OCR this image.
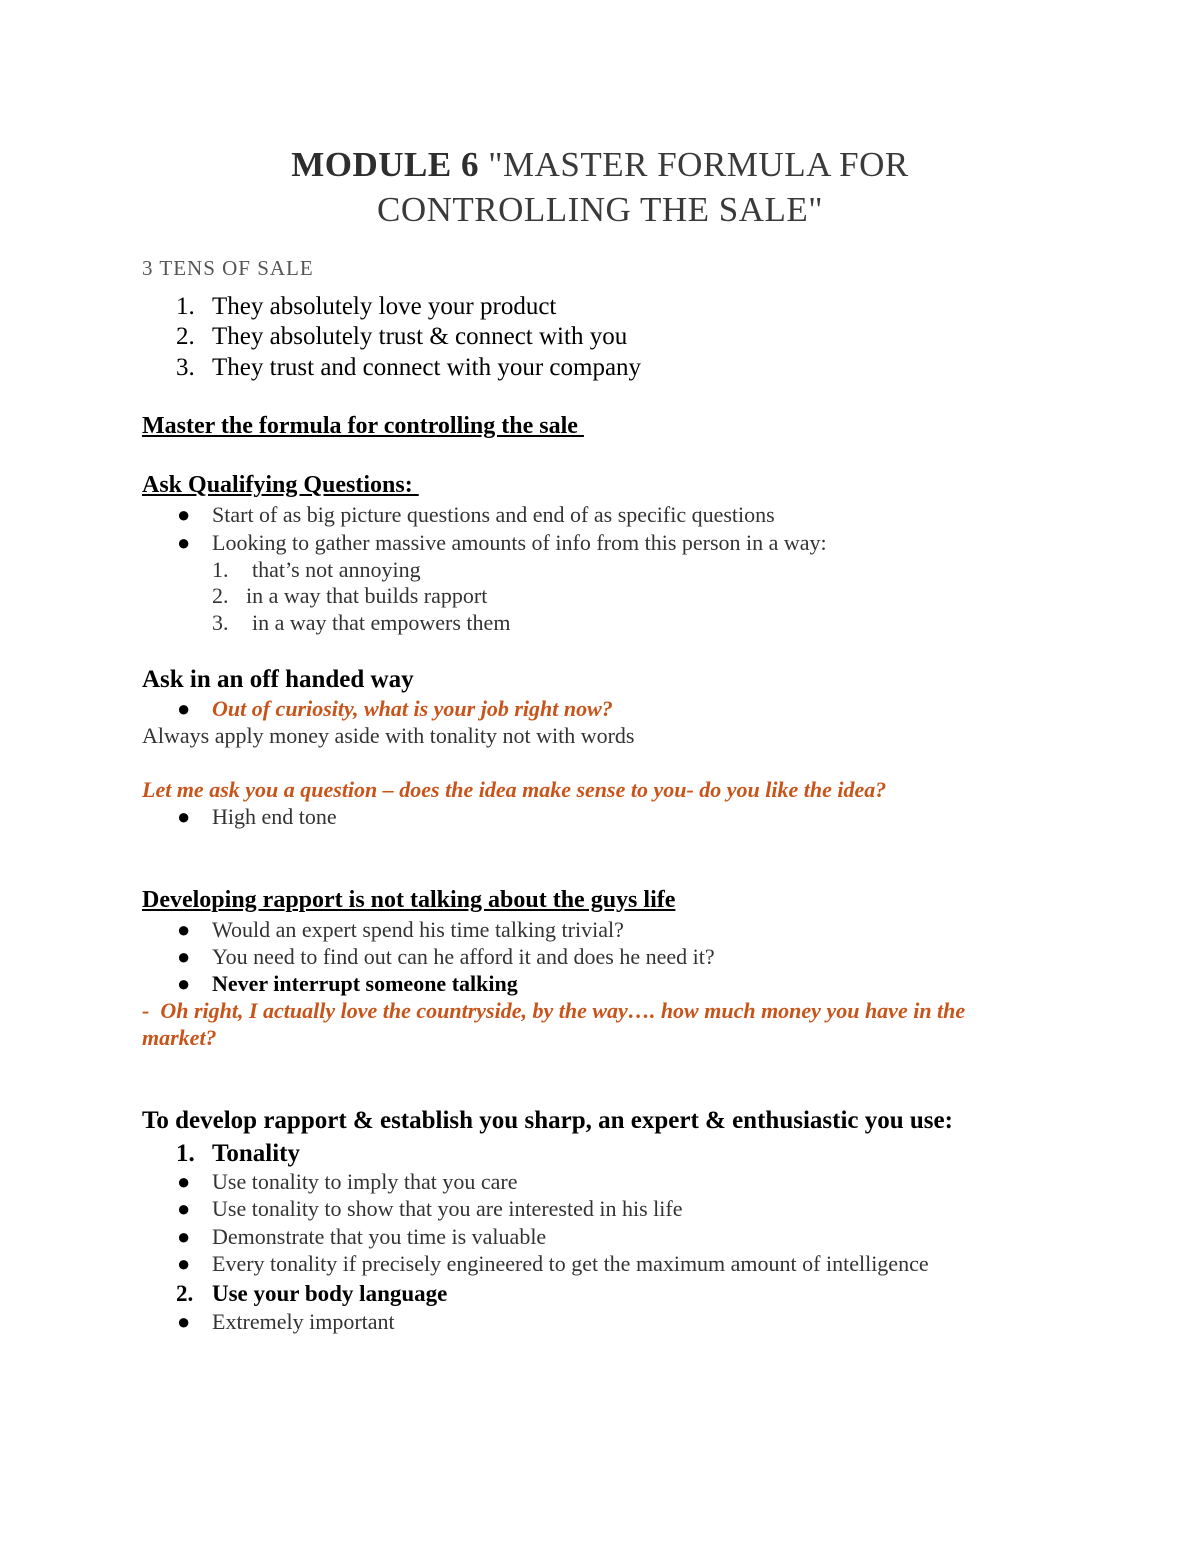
MODULE 6 "MASTER FORMULA FOR
CONTROLLING THE SALE"
3 TENS OF SALE
1. They absolutely love your product
2. They absolutely trust & connect with you
3. They trust and connect with your company
Master the formula for controlling the sale
Ask Qualifying Questions:
● Start of as big picture questions and end of as specific questions
● Looking to gather massive amounts of info from this person in a way:
1. that’s not annoying
2. in a way that builds rapport
3. in a way that empowers them
Ask in an off handed way
● Out of curiosity, what is your job right now?
Always apply money aside with tonality not with words
Let me ask you a question – does the idea make sense to you- do you like the idea?
● High end tone
Developing rapport is not talking about the guys life
● Would an expert spend his time talking trivial?
● You need to find out can he afford it and does he need it?
● Never interrupt someone talking
-  Oh right, I actually love the countryside, by the way…. how much money you have in the
market?
To develop rapport & establish you sharp, an expert & enthusiastic you use:
1. Tonality
● Use tonality to imply that you care
● Use tonality to show that you are interested in his life
● Demonstrate that you time is valuable
● Every tonality if precisely engineered to get the maximum amount of intelligence
2. Use your body language
● Extremely important
